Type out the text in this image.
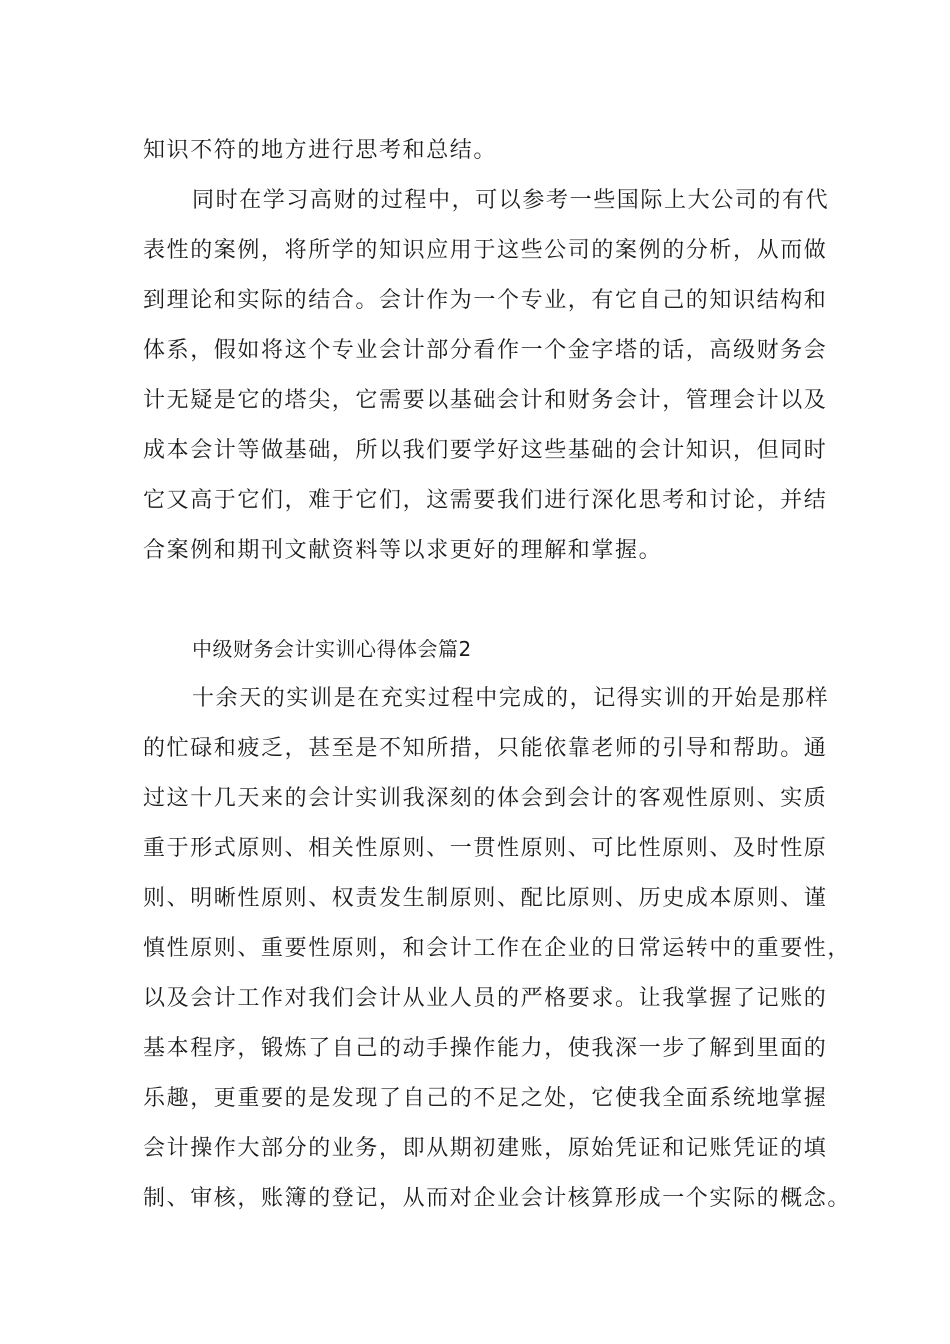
知识不符的地方进行思考和总结。
同时在学习高财的过程中，可以参考一些国际上大公司的有代
表性的案例，将所学的知识应用于这些公司的案例的分析，从而做
到理论和实际的结合。会计作为一个专业，有它自己的知识结构和
体系，假如将这个专业会计部分看作一个金字塔的话，高级财务会
计无疑是它的塔尖，它需要以基础会计和财务会计，管理会计以及
成本会计等做基础，所以我们要学好这些基础的会计知识，但同时
它又高于它们，难于它们，这需要我们进行深化思考和讨论，并结
合案例和期刊文献资料等以求更好的理解和掌握。
中级财务会计实训心得体会篇2
十余天的实训是在充实过程中完成的，记得实训的开始是那样
的忙碌和疲乏，甚至是不知所措，只能依靠老师的引导和帮助。通
过这十几天来的会计实训我深刻的体会到会计的客观性原则、实质
重于形式原则、相关性原则、一贯性原则、可比性原则、及时性原
则、明晰性原则、权责发生制原则、配比原则、历史成本原则、谨
慎性原则、重要性原则，和会计工作在企业的日常运转中的重要性，
以及会计工作对我们会计从业人员的严格要求。让我掌握了记账的
基本程序，锻炼了自己的动手操作能力，使我深一步了解到里面的
乐趣，更重要的是发现了自己的不足之处，它使我全面系统地掌握
会计操作大部分的业务，即从期初建账，原始凭证和记账凭证的填
制、审核，账簿的登记，从而对企业会计核算形成一个实际的概念。
